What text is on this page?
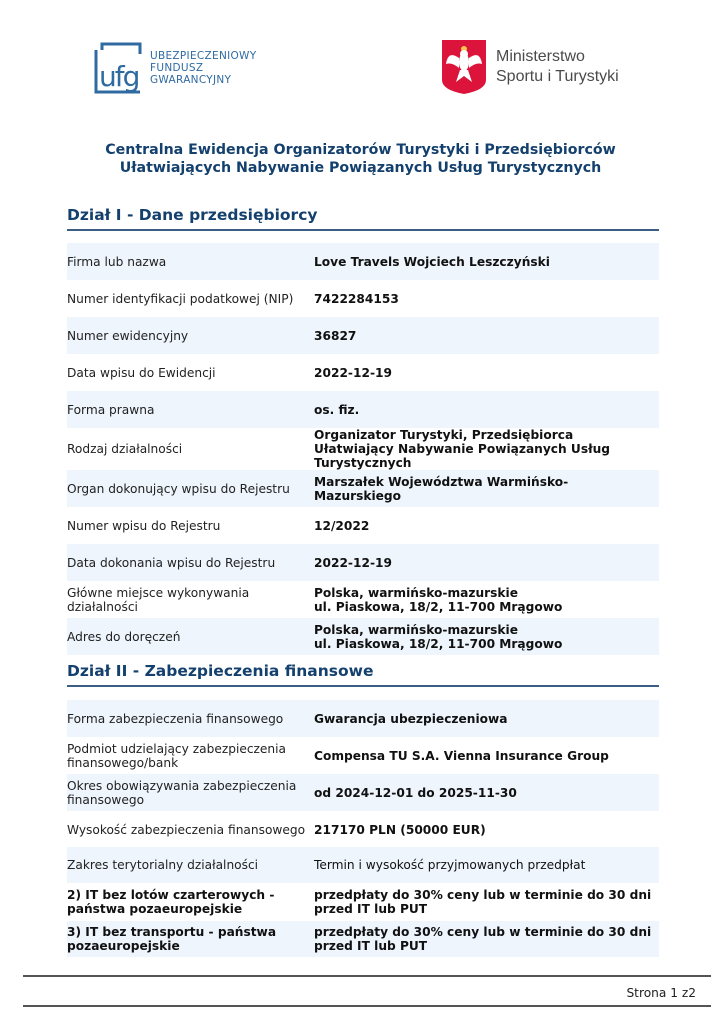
ufg
UBEZPIECZENIOWY
FUNDUSZ
GWARANCYJNY
Ministerstwo
Sportu i Turystyki
Centralna Ewidencja Organizatorów Turystyki i Przedsiębiorców
Ułatwiających Nabywanie Powiązanych Usług Turystycznych
Dział I - Dane przedsiębiorcy
Firma lub nazwa	Love Travels Wojciech Leszczyński
Numer identyfikacji podatkowej (NIP)	7422284153
Numer ewidencyjny	36827
Data wpisu do Ewidencji	2022-12-19
Forma prawna	os. fiz.
Rodzaj działalności	Organizator Turystyki, Przedsiębiorca Ułatwiający Nabywanie Powiązanych Usług Turystycznych
Organ dokonujący wpisu do Rejestru	Marszałek Województwa Warmińsko-Mazurskiego
Numer wpisu do Rejestru	12/2022
Data dokonania wpisu do Rejestru	2022-12-19
Główne miejsce wykonywania działalności	Polska, warmińsko-mazurskie
ul. Piaskowa, 18/2, 11-700 Mrągowo

Adres do doręczeń	Polska, warmińsko-mazurskie
ul. Piaskowa, 18/2, 11-700 Mrągowo
Dział II - Zabezpieczenia finansowe
Forma zabezpieczenia finansowego	Gwarancja ubezpieczeniowa
Podmiot udzielający zabezpieczenia finansowego/bank	Compensa TU S.A. Vienna Insurance Group
Okres obowiązywania zabezpieczenia finansowego	od 2024-12-01 do 2025-11-30
Wysokość zabezpieczenia finansowego	217170 PLN (50000 EUR)
Zakres terytorialny działalności	Termin i wysokość przyjmowanych przedpłat
2) IT bez lotów czarterowych - państwa pozaeuropejskie	przedpłaty do 30% ceny lub w terminie do 30 dni przed IT lub PUT
3) IT bez transportu - państwa pozaeuropejskie	przedpłaty do 30% ceny lub w terminie do 30 dni przed IT lub PUT
Strona 1 z2
